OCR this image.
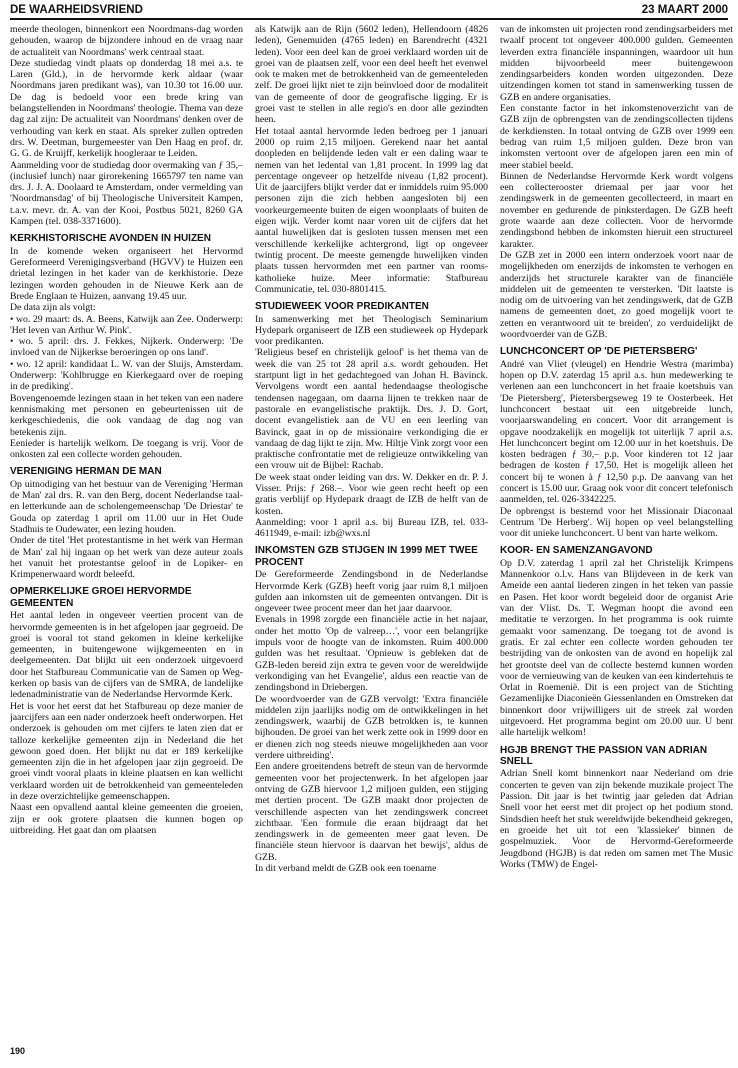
DE WAARHEIDSVRIEND	23 MAART 2000

meerde theologen, binnenkort een Noordmans-dag worden gehouden, waarop de bijzondere inhoud en de vraag naar de actualiteit van Noordmans' werk centraal staat.

Deze studiedag vindt plaats op donderdag 18 mei a.s. te Laren (Gld.), in de hervormde kerk aldaar (waar Noordmans jaren predikant was), van 10.30 tot 16.00 uur. De dag is bedoeld voor een brede kring van belangstellenden in Noordmans' theologie. Thema van deze dag zal zijn: De actualiteit van Noordmans' denken over de verhouding van kerk en staat. Als spreker zullen optreden drs. W. Deetman, burgemeester van Den Haag en prof. dr. G. G. de Kruijff, kerkelijk hoogleraar te Leiden.

Aanmelding voor de studiedag door overmaking van ƒ 35,– (inclusief lunch) naar girorekening 1665797 ten name van drs. J. J. A. Doolaard te Amsterdam, onder vermelding van 'Noordmansdag' of bij Theologische Universiteit Kampen, t.a.v. mevr. dr. A. van der Kooi, Postbus 5021, 8260 GA Kampen (tel. 038-3371600).

KERKHISTORISCHE AVONDEN IN HUIZEN

In de komende weken organiseert het Hervormd Gereformeerd Verenigingsverband (HGVV) te Huizen een drietal lezingen in het kader van de kerkhistorie. Deze lezingen worden gehouden in de Nieuwe Kerk aan de Brede Englaan te Huizen, aanvang 19.45 uur.

De data zijn als volgt:

• wo. 29 maart: ds. A. Beens, Katwijk aan Zee. Onderwerp: 'Het leven van Arthur W. Pink'.

• wo. 5 april: drs. J. Fekkes, Nijkerk. Onderwerp: 'De invloed van de Nijkerkse beroeringen op ons land'.

• wo. 12 april: kandidaat L. W. van der Sluijs, Amsterdam. Onderwerp: 'Kohlbrugge en Kierkegaard over de roeping in de prediking'.

Bovengenoemde lezingen staan in het teken van een nadere kennismaking met personen en gebeurtenissen uit de kerkgeschiedenis, die ook vandaag de dag nog van betekenis zijn.

Eenieder is hartelijk welkom. De toegang is vrij. Voor de onkosten zal een collecte worden gehouden.

VERENIGING HERMAN DE MAN

Op uitnodiging van het bestuur van de Vereniging 'Herman de Man' zal drs. R. van den Berg, docent Nederlandse taal- en letterkunde aan de scholengemeenschap 'De Driestar' te Gouda op zaterdag 1 april om 11.00 uur in Het Oude Stadhuis te Oudewater, een lezing houden.

Onder de titel 'Het protestantisme in het werk van Herman de Man' zal hij ingaan op het werk van deze auteur zoals het vanuit het protestantse geloof in de Lopiker- en Krimpenerwaard wordt beleefd.

OPMERKELIJKE GROEI HERVORMDE GEMEENTEN

Het aantal leden in ongeveer veertien procent van de hervormde gemeenten is in het afgelopen jaar gegroeid. De groei is vooral tot stand gekomen in kleine kerkelijke gemeenten, in buitengewone wijkgemeenten en in deelgemeenten. Dat blijkt uit een onderzoek uitgevoerd door het Stafbureau Communicatie van de Samen op Weg-kerken op basis van de cijfers van de SMRA, de landelijke ledenadministratie van de Nederlandse Hervormde Kerk.

Het is voor het eerst dat het Stafbureau op deze manier de jaarcijfers aan een nader onderzoek heeft onderworpen. Het onderzoek is gehouden om met cijfers te laten zien dat er talloze kerkelijke gemeenten zijn in Nederland die het gewoon goed doen. Het blijkt nu dat er 189 kerkelijke gemeenten zijn die in het afgelopen jaar zijn gegroeid. De groei vindt vooral plaats in kleine plaatsen en kan wellicht verklaard worden uit de betrokkenheid van gemeenteleden in deze overzichtelijke gemeenschappen.

Naast een opvallend aantal kleine gemeenten die groeien, zijn er ook grotere plaatsen die kunnen bogen op uitbreiding. Het gaat dan om plaatsen

als Katwijk aan de Rijn (5602 leden), Hellendoorn (4826 leden), Genemuiden (4765 leden) en Barendrecht (4321 leden). Voor een deel kan de groei verklaard worden uit de groei van de plaatsen zelf, voor een deel heeft het evenwel ook te maken met de betrokkenheid van de gemeenteleden zelf. De groei lijkt niet te zijn beïnvloed door de modaliteit van de gemeente of door de geografische ligging. Er is groei vast te stellen in alle regio's en door alle gezindten heen.

Het totaal aantal hervormde leden bedroeg per 1 januari 2000 op ruim 2,15 miljoen. Gerekend naar het aantal doopleden en belijdende leden valt er een daling waar te nemen van het ledental van 1,81 procent. In 1999 lag dat percentage ongeveer op hetzelfde niveau (1,82 procent). Uit de jaarcijfers blijkt verder dat er inmiddels ruim 95.000 personen zijn die zich hebben aangesloten bij een voorkeurgemeente buiten de eigen woonplaats of buiten de eigen wijk. Verder komt naar voren uit de cijfers dat het aantal huwelijken dat is gesloten tussen mensen met een verschillende kerkelijke achtergrond, ligt op ongeveer twintig procent. De meeste gemengde huwelijken vinden plaats tussen hervormden met een partner van rooms-katholieke huize. Meer informatie: Stafbureau Communicatie, tel. 030-8801415.

STUDIEWEEK VOOR PREDIKANTEN

In samenwerking met het Theologisch Seminarium Hydepark organiseert de IZB een studieweek op Hydepark voor predikanten.

'Religieus besef en christelijk geloof' is het thema van de week die van 25 tot 28 april a.s. wordt gehouden. Het startpunt ligt in het gedachtegoed van Johan H. Bavinck. Vervolgens wordt een aantal hedendaagse theologische tendensen nagegaan, om daarna lijnen te trekken naar de pastorale en evangelistische praktijk. Drs. J. D. Gort, docent evangelistiek aan de VU en een leerling van Bavinck, gaat in op de missionaire verkondiging die er vandaag de dag lijkt te zijn. Mw. Hiltje Vink zorgt voor een praktische confrontatie met de religieuze ontwikkeling van een vrouw uit de Bijbel: Rachab.

De week staat onder leiding van drs. W. Dekker en dr. P. J. Visser. Prijs: ƒ 268.–. Voor wie geen recht heeft op een gratis verblijf op Hydepark draagt de IZB de helft van de kosten.

Aanmelding: voor 1 april a.s. bij Bureau IZB, tel. 033-4611949, e-mail: izb@wxs.nl

INKOMSTEN GZB STIJGEN IN 1999 MET TWEE PROCENT

De Gereformeerde Zendingsbond in de Nederlandse Hervormde Kerk (GZB) heeft vorig jaar ruim 8,1 miljoen gulden aan inkomsten uit de gemeenten ontvangen. Dit is ongeveer twee procent meer dan het jaar daarvoor.

Evenals in 1998 zorgde een financiële actie in het najaar, onder het motto 'Op de valreep…', voor een belangrijke impuls voor de hoogte van de inkomsten. Ruim 400.000 gulden was het resultaat. 'Opnieuw is gebleken dat de GZB-leden bereid zijn extra te geven voor de wereldwijde verkondiging van het Evangelie', aldus een reactie van de zendingsbond in Driebergen.

De woordvoerder van de GZB vervolgt: 'Extra financiële middelen zijn jaarlijks nodig om de ontwikkelingen in het zendingswerk, waarbij de GZB betrokken is, te kunnen bijhouden. De groei van het werk zette ook in 1999 door en er dienen zich nog steeds nieuwe mogelijkheden aan voor verdere uitbreiding'.

Een andere groeitendens betreft de steun van de hervormde gemeenten voor het projectenwerk. In het afgelopen jaar ontving de GZB hiervoor 1,2 miljoen gulden, een stijging met dertien procent. 'De GZB maakt door projecten de verschillende aspecten van het zendingswerk concreet zichtbaar. 'Een formule die eraan bijdraagt dat het zendingswerk in de gemeenten meer gaat leven. De financiële steun hiervoor is daarvan het bewijs', aldus de GZB.

In dit verband meldt de GZB ook een toename

van de inkomsten uit projecten rond zendingsarbeiders met twaalf procent tot ongeveer 400.000 gulden. Gemeenten leverden extra financiële inspanningen, waardoor uit hun midden bijvoorbeeld meer buitengewoon zendingsarbeiders konden worden uitgezonden. Deze uitzendingen komen tot stand in samenwerking tussen de GZB en andere organisaties.

Een constante factor in het inkomstenoverzicht van de GZB zijn de opbrengsten van de zendingscollecten tijdens de kerkdiensten. In totaal ontving de GZB over 1999 een bedrag van ruim 1,5 miljoen gulden. Deze bron van inkomsten vertoont over de afgelopen jaren een min of meer stabiel beeld.

Binnen de Nederlandse Hervormde Kerk wordt volgens een collecterooster driemaal per jaar voor het zendingswerk in de gemeenten gecollecteerd, in maart en november en gedurende de pinksterdagen. De GZB heeft grote waarde aan deze collecten. Voor de hervormde zendingsbond hebben de inkomsten hieruit een structureel karakter.

De GZB zet in 2000 een intern onderzoek voort naar de mogelijkheden om enerzijds de inkomsten te verhogen en anderzijds het structurele karakter van de financiële middelen uit de gemeenten te versterken. 'Dit laatste is nodig om de uitvoering van het zendingswerk, dat de GZB namens de gemeenten doet, zo goed mogelijk voort te zetten en verantwoord uit te breiden', zo verduidelijkt de woordvoerder van de GZB.

LUNCHCONCERT OP 'DE PIETERSBERG'

André van Vliet (vleugel) en Hendrie Westra (marimba) hopen op D.V. zaterdag 15 april a.s. hun medewerking te verlenen aan een lunchconcert in het fraaie koetshuis van 'De Pietersberg', Pietersbergseweg 19 te Oosterbeek. Het lunchconcert bestaat uit een uitgebreide lunch, voorjaarswandeling en concert. Voor dit arrangement is opgave noodzakelijk en mogelijk tot uiterlijk 7 april a.s. Het lunchconcert begint om 12.00 uur in het koetshuis. De kosten bedragen ƒ 30,– p.p. Voor kinderen tot 12 jaar bedragen de kosten ƒ 17,50. Het is mogelijk alleen het concert bij te wonen à ƒ 12,50 p.p. De aanvang van het concert is 15.00 uur. Graag ook voor dit concert telefonisch aanmelden, tel. 026-3342225.

De opbrengst is bestemd voor het Missionair Diaconaal Centrum 'De Herberg'. Wij hopen op veel belangstelling voor dit unieke lunchconcert. U bent van harte welkom.

KOOR- EN SAMENZANGAVOND

Op D.V. zaterdag 1 april zal het Christelijk Krimpens Mannenkoor o.l.v. Hans van Blijdeveen in de kerk van Ameide een aantal liederen zingen in het teken van passie en Pasen. Het koor wordt begeleid door de organist Arie van der Vlist. Ds. T. Wegman hoopt die avond een meditatie te verzorgen. In het programma is ook ruimte gemaakt voor samenzang. De toegang tot de avond is gratis. Er zal echter een collecte worden gehouden ter bestrijding van de onkosten van de avond en hopelijk zal het grootste deel van de collecte bestemd kunnen worden voor de vernieuwing van de keuken van een kindertehuis te Orlat in Roemenië. Dit is een project van de Stichting Gezamenlijke Diaconieën Giessenlanden en Omstreken dat binnenkort door vrijwilligers uit de streek zal worden uitgevoerd. Het programma begint om 20.00 uur. U bent alle hartelijk welkom!

HGJB BRENGT THE PASSION VAN ADRIAN SNELL

Adrian Snell komt binnenkort naar Nederland om drie concerten te geven van zijn bekende muzikale project The Passion. Dit jaar is het twintig jaar geleden dat Adrian Snell voor het eerst met dit project op het podium stond. Sindsdien heeft het stuk wereldwijde bekendheid gekregen, en groeide het uit tot een 'klassieker' binnen de gospelmuziek. Voor de Hervormd-Gereformeerde Jeugdbond (HGJB) is dat reden om samen met The Music Works (TMW) de Engel-

190
